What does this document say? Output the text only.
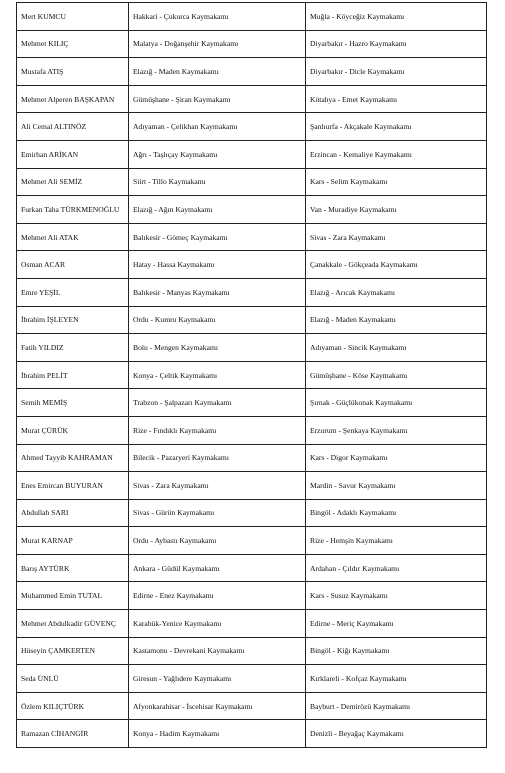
Mert KUMCU	Hakkari - Çukurca Kaymakamı	Muğla - Köyceğiz Kaymakamı
Mehmet KILIÇ	Malatya - Doğanşehir Kaymakamı	Diyarbakır - Hazro Kaymakamı
Mustafa ATIŞ	Elazığ - Maden Kaymakamı	Diyarbakır - Dicle Kaymakamı
Mehmet Alperen BAŞKAPAN	Gümüşhane - Şiran Kaymakamı	Kütahya - Emet Kaymakamı
Ali Cemal ALTINÖZ	Adıyaman - Çelikhan Kaymakamı	Şanlıurfa - Akçakale Kaymakamı
Emirhan ARİKAN	Ağrı - Taşlıçay Kaymakamı	Erzincan - Kemaliye Kaymakamı
Mehmet Ali SEMİZ	Siirt - Tillo Kaymakamı	Kars - Selim Kaymakamı
Furkan Taha TÜRKMENOĞLU	Elazığ - Ağın Kaymakamı	Van - Muradiye Kaymakamı
Mehmet Ali ATAK	Balıkesir - Gömeç Kaymakamı	Sivas - Zara Kaymakamı
Osman ACAR	Hatay - Hassa Kaymakamı	Çanakkale - Gökçeada Kaymakamı
Emre YEŞİL	Balıkesir - Manyas Kaymakamı	Elazığ - Arıcak Kaymakamı
İbrahim İŞLEYEN	Ordu - Kumru Kaymakamı	Elazığ - Maden Kaymakamı
Fatih YILDIZ	Bolu - Mengen Kaymakamı	Adıyaman - Sincik Kaymakamı
İbrahim PELİT	Konya - Çeltik Kaymakamı	Gümüşhane - Köse Kaymakamı
Semih MEMİŞ	Trabzon - Şalpazarı Kaymakamı	Şırnak - Güçlükonak Kaymakamı
Murat ÇÜRÜK	Rize - Fındıklı Kaymakamı	Erzurum - Şenkaya Kaymakamı
Ahmed Tayyib KAHRAMAN	Bilecik - Pazaryeri Kaymakamı	Kars - Digor Kaymakamı
Enes Emircan BUYURAN	Sivas - Zara Kaymakamı	Mardin - Savur Kaymakamı
Abdullah SARI	Sivas - Gürün Kaymakamı	Bingöl - Adaklı Kaymakamı
Murat KARNAP	Ordu - Aybastı Kaymakamı	Rize - Hemşin Kaymakamı
Barış AYTÜRK	Ankara - Güdül Kaymakamı	Ardahan - Çıldır Kaymakamı
Muhammed Emin TUTAL	Edirne - Enez Kaymakamı	Kars - Susuz Kaymakamı
Mehmet Abdulkadir GÜVENÇ	Karabük-Yenice Kaymakamı	Edirne - Meriç Kaymakamı
Hüseyin ÇAMKERTEN	Kastamonu - Devrekani Kaymakamı	Bingöl - Kiğı Kaymakamı
Seda ÜNLÜ	Giresun - Yağlıdere Kaymakamı	Kırklareli - Kofçaz Kaymakamı
Özlem KILIÇTÜRK	Afyonkarahisar - İscehisar Kaymakamı	Bayburt - Demirözü Kaymakamı
Ramazan CİHANGİR	Konya - Hadim Kaymakamı	Denizli - Beyağaç Kaymakamı
